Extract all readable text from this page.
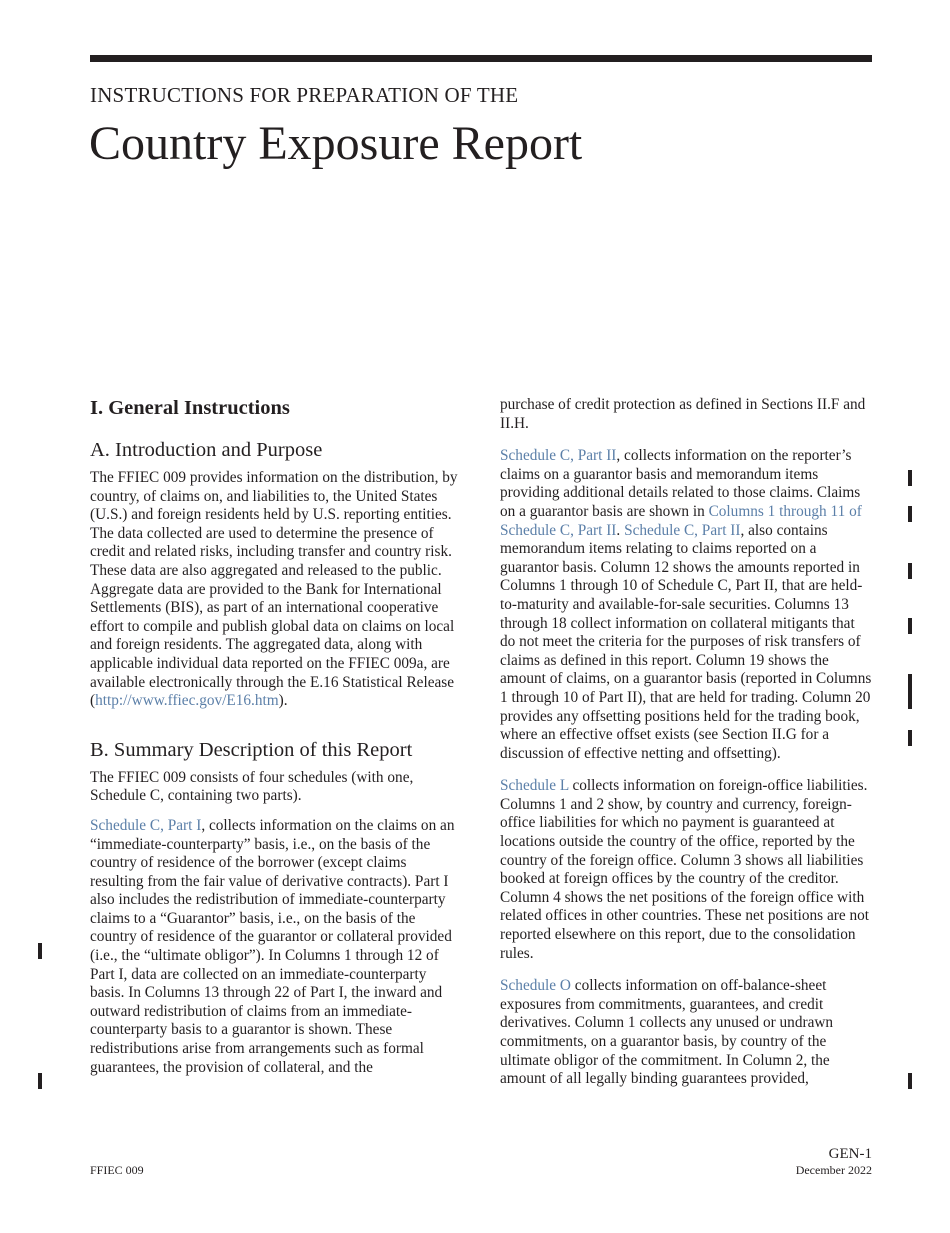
INSTRUCTIONS FOR PREPARATION OF THE
Country Exposure Report
I. General Instructions
A. Introduction and Purpose

The FFIEC 009 provides information on the distribution, by country, of claims on, and liabilities to, the United States (U.S.) and foreign residents held by U.S. reporting entities. The data collected are used to determine the presence of credit and related risks, including transfer and country risk. These data are also aggregated and released to the public. Aggregate data are provided to the Bank for International Settlements (BIS), as part of an international cooperative effort to compile and publish global data on claims on local and foreign residents. The aggregated data, along with applicable individual data reported on the FFIEC 009a, are available electronically through the E.16 Statistical Release (http://www.ffiec.gov/E16.htm).

B. Summary Description of this Report

The FFIEC 009 consists of four schedules (with one, Schedule C, containing two parts).

Schedule C, Part I, collects information on the claims on an “immediate-counterparty” basis, i.e., on the basis of the country of residence of the borrower (except claims resulting from the fair value of derivative contracts). Part I also includes the redistribution of immediate-counterparty claims to a “Guarantor” basis, i.e., on the basis of the country of residence of the guarantor or collateral provided (i.e., the “ultimate obligor”). In Columns 1 through 12 of Part I, data are collected on an immediate-counterparty basis. In Columns 13 through 22 of Part I, the inward and outward redistribution of claims from an immediate-counterparty basis to a guarantor is shown. These redistributions arise from arrangements such as formal guarantees, the provision of collateral, and the

purchase of credit protection as defined in Sections II.F and II.H.

Schedule C, Part II, collects information on the reporter’s claims on a guarantor basis and memorandum items providing additional details related to those claims. Claims on a guarantor basis are shown in Columns 1 through 11 of Schedule C, Part II. Schedule C, Part II, also contains memorandum items relating to claims reported on a guarantor basis. Column 12 shows the amounts reported in Columns 1 through 10 of Schedule C, Part II, that are held-to-maturity and available-for-sale securities. Columns 13 through 18 collect information on collateral mitigants that do not meet the criteria for the purposes of risk transfers of claims as defined in this report. Column 19 shows the amount of claims, on a guarantor basis (reported in Columns 1 through 10 of Part II), that are held for trading. Column 20 provides any offsetting positions held for the trading book, where an effective offset exists (see Section II.G for a discussion of effective netting and offsetting).

Schedule L collects information on foreign-office liabilities. Columns 1 and 2 show, by country and currency, foreign-office liabilities for which no payment is guaranteed at locations outside the country of the office, reported by the country of the foreign office. Column 3 shows all liabilities booked at foreign offices by the country of the creditor. Column 4 shows the net positions of the foreign office with related offices in other countries. These net positions are not reported elsewhere on this report, due to the consolidation rules.

Schedule O collects information on off-balance-sheet exposures from commitments, guarantees, and credit derivatives. Column 1 collects any unused or undrawn commitments, on a guarantor basis, by country of the ultimate obligor of the commitment. In Column 2, the amount of all legally binding guarantees provided,

FFIEC 009
GEN-1
December 2022
